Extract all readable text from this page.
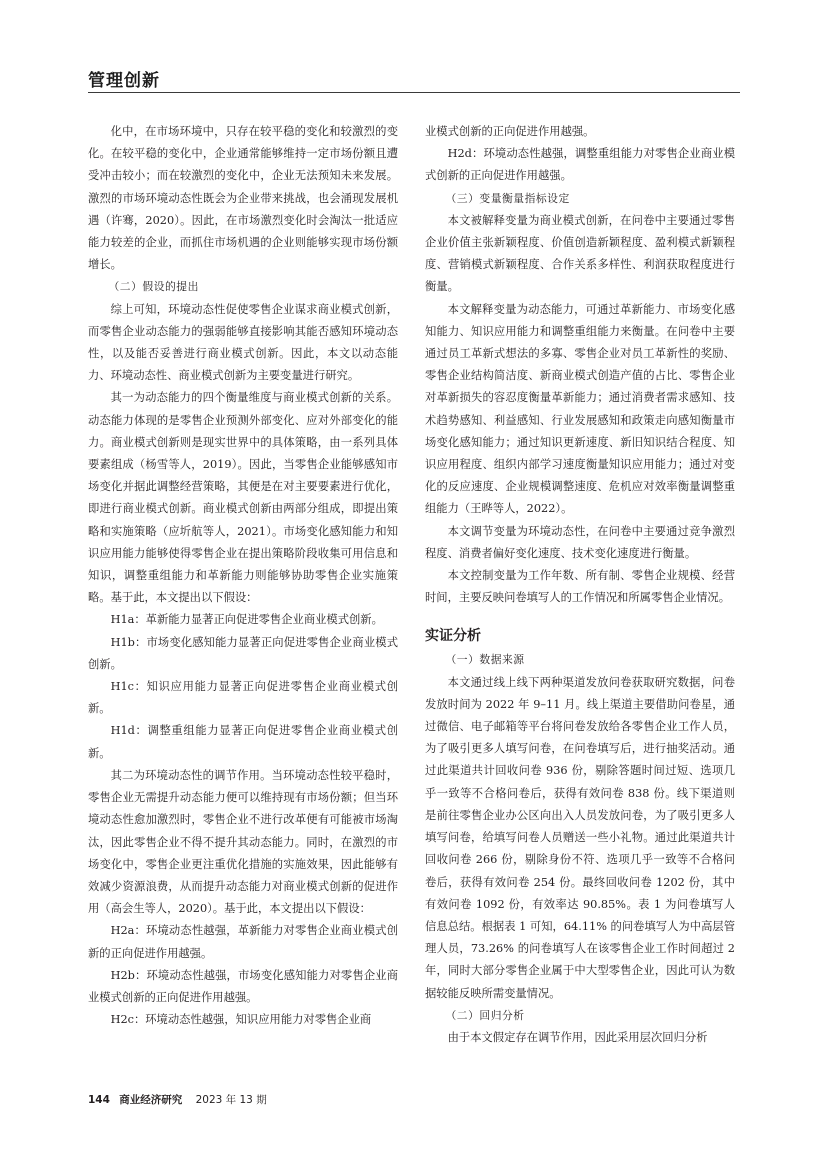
管理创新

化中，在市场环境中，只存在较平稳的变化和较激烈的变化。在较平稳的变化中，企业通常能够维持一定市场份额且遭受冲击较小；而在较激烈的变化中，企业无法预知未来发展。激烈的市场环境动态性既会为企业带来挑战，也会涌现发展机遇（许骞，2020）。因此，在市场激烈变化时会淘汰一批适应能力较差的企业，而抓住市场机遇的企业则能够实现市场份额增长。

（二）假设的提出

综上可知，环境动态性促使零售企业谋求商业模式创新，而零售企业动态能力的强弱能够直接影响其能否感知环境动态性，以及能否妥善进行商业模式创新。因此，本文以动态能力、环境动态性、商业模式创新为主要变量进行研究。

其一为动态能力的四个衡量维度与商业模式创新的关系。动态能力体现的是零售企业预测外部变化、应对外部变化的能力。商业模式创新则是现实世界中的具体策略，由一系列具体要素组成（杨雪等人，2019）。因此，当零售企业能够感知市场变化并据此调整经营策略，其便是在对主要要素进行优化，即进行商业模式创新。商业模式创新由两部分组成，即提出策略和实施策略（应圻航等人，2021）。市场变化感知能力和知识应用能力能够使得零售企业在提出策略阶段收集可用信息和知识，调整重组能力和革新能力则能够协助零售企业实施策略。基于此，本文提出以下假设：

H1a：革新能力显著正向促进零售企业商业模式创新。

H1b：市场变化感知能力显著正向促进零售企业商业模式创新。

H1c：知识应用能力显著正向促进零售企业商业模式创新。

H1d：调整重组能力显著正向促进零售企业商业模式创新。

其二为环境动态性的调节作用。当环境动态性较平稳时，零售企业无需提升动态能力便可以维持现有市场份额；但当环境动态性愈加激烈时，零售企业不进行改革便有可能被市场淘汰，因此零售企业不得不提升其动态能力。同时，在激烈的市场变化中，零售企业更注重优化措施的实施效果，因此能够有效减少资源浪费，从而提升动态能力对商业模式创新的促进作用（高会生等人，2020）。基于此，本文提出以下假设：

H2a：环境动态性越强，革新能力对零售企业商业模式创新的正向促进作用越强。

H2b：环境动态性越强，市场变化感知能力对零售企业商业模式创新的正向促进作用越强。

H2c：环境动态性越强，知识应用能力对零售企业商

业模式创新的正向促进作用越强。

H2d：环境动态性越强，调整重组能力对零售企业商业模式创新的正向促进作用越强。

（三）变量衡量指标设定

本文被解释变量为商业模式创新，在问卷中主要通过零售企业价值主张新颖程度、价值创造新颖程度、盈利模式新颖程度、营销模式新颖程度、合作关系多样性、利润获取程度进行衡量。

本文解释变量为动态能力，可通过革新能力、市场变化感知能力、知识应用能力和调整重组能力来衡量。在问卷中主要通过员工革新式想法的多寡、零售企业对员工革新性的奖励、零售企业结构简洁度、新商业模式创造产值的占比、零售企业对革新损失的容忍度衡量革新能力；通过消费者需求感知、技术趋势感知、利益感知、行业发展感知和政策走向感知衡量市场变化感知能力；通过知识更新速度、新旧知识结合程度、知识应用程度、组织内部学习速度衡量知识应用能力；通过对变化的反应速度、企业规模调整速度、危机应对效率衡量调整重组能力（王晔等人，2022）。

本文调节变量为环境动态性，在问卷中主要通过竞争激烈程度、消费者偏好变化速度、技术变化速度进行衡量。

本文控制变量为工作年数、所有制、零售企业规模、经营时间，主要反映问卷填写人的工作情况和所属零售企业情况。

实证分析
（一）数据来源

本文通过线上线下两种渠道发放问卷获取研究数据，问卷发放时间为 2022 年 9–11 月。线上渠道主要借助问卷星，通过微信、电子邮箱等平台将问卷发放给各零售企业工作人员，为了吸引更多人填写问卷，在问卷填写后，进行抽奖活动。通过此渠道共计回收问卷 936 份，剔除答题时间过短、选项几乎一致等不合格问卷后，获得有效问卷 838 份。线下渠道则是前往零售企业办公区向出入人员发放问卷，为了吸引更多人填写问卷，给填写问卷人员赠送一些小礼物。通过此渠道共计回收问卷 266 份，剔除身份不符、选项几乎一致等不合格问卷后，获得有效问卷 254 份。最终回收问卷 1202 份，其中有效问卷 1092 份，有效率达 90.85%。表 1 为问卷填写人信息总结。根据表 1 可知，64.11% 的问卷填写人为中高层管理人员，73.26% 的问卷填写人在该零售企业工作时间超过 2 年，同时大部分零售企业属于中大型零售企业，因此可认为数据较能反映所需变量情况。

（二）回归分析

由于本文假定存在调节作用，因此采用层次回归分析

144 商业经济研究 2023 年 13 期
